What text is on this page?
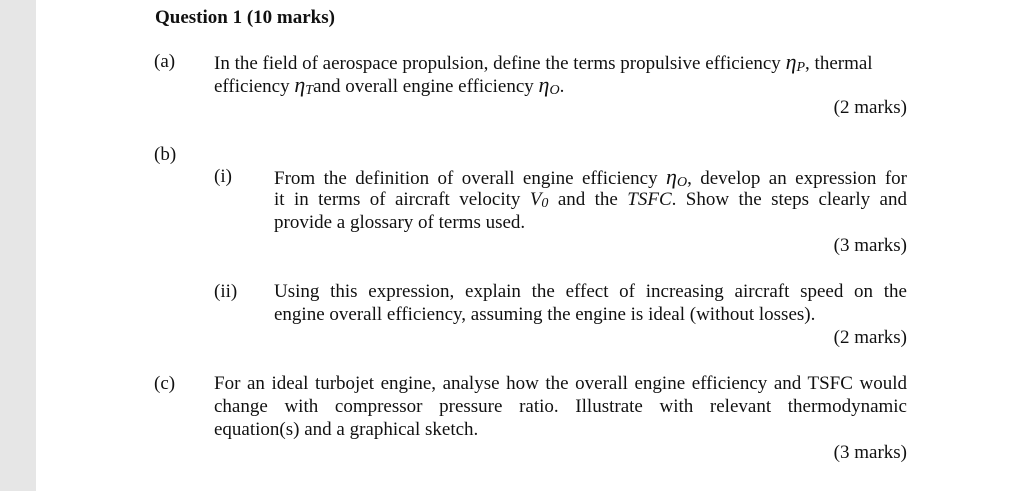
Question 1 (10 marks)
(a) In the field of aerospace propulsion, define the terms propulsive efficiency ηP, thermal
efficiency ηTand overall engine efficiency ηO.
(2 marks)
(b)
(i) From the definition of overall engine efficiency ηO, develop an expression for
it in terms of aircraft velocity V0 and the TSFC. Show the steps clearly and
provide a glossary of terms used.
(3 marks)
(ii) Using this expression, explain the effect of increasing aircraft speed on the
engine overall efficiency, assuming the engine is ideal (without losses).
(2 marks)
(c) For an ideal turbojet engine, analyse how the overall engine efficiency and TSFC would
change with compressor pressure ratio. Illustrate with relevant thermodynamic
equation(s) and a graphical sketch.
(3 marks)
